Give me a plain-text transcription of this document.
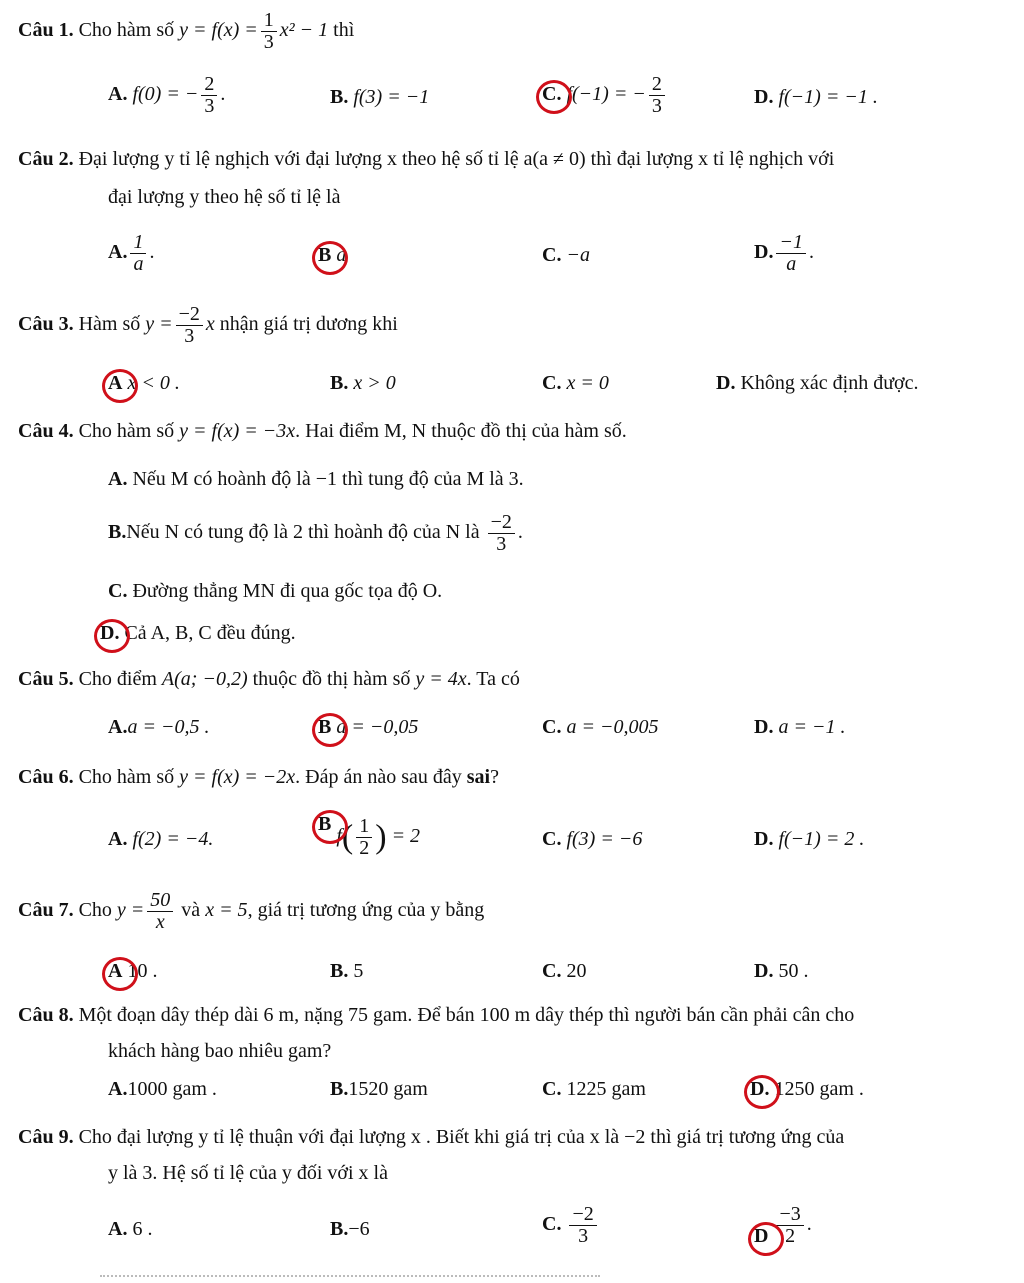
Câu 1. Cho hàm số $y = f(x) = \frac{1}{3} x^2 - 1$ thì
A. f(0) = − $\frac{2}{3}$ .	B. f(3) = −1	C. f(−1) = − $\frac{2}{3}$	D. f(−1) = −1 .
Câu 2. Đại lượng y tỉ lệ nghịch với đại lượng x theo hệ số tỉ lệ a(a ≠ 0) thì đại lượng x tỉ lệ nghịch với
đại lượng y theo hệ số tỉ lệ là
A. $\frac{1}{a}$ .	B a	C. −a	D. $\frac{-1}{a}$ .
Câu 3. Hàm số $y = \frac{-2}{3}$ x nhận giá trị dương khi
A x < 0 .	B. x > 0	C. x = 0	D. Không xác định được.
Câu 4. Cho hàm số y = f(x) = −3x. Hai điểm M, N thuộc đồ thị của hàm số.
A. Nếu M có hoành độ là −1 thì tung độ của M là 3.
B.Nếu N có tung độ là 2 thì hoành độ của N là $\frac{-2}{3}$ .
C. Đường thẳng MN đi qua gốc tọa độ O.
D. Cả A, B, C đều đúng.
Câu 5. Cho điểm A(a; −0,2) thuộc đồ thị hàm số y = 4x. Ta có
A.a = −0,5 .	B a = −0,05	C. a = −0,005	D. a = −1 .
Câu 6. Cho hàm số y = f(x) = −2x. Đáp án nào sau đây sai?
A. f(2) = −4.
B $f( \frac{1}{2}$ ) = 2	C. f(3) = −6	D. f(−1) = 2 .
Câu 7. Cho $y = \frac{50}{x}$ và x = 5, giá trị tương ứng của y bằng
A 10 .	B. 5	C. 20	D. 50 .
Câu 8. Một đoạn dây thép dài 6 m, nặng 75 gam. Để bán 100 m dây thép thì người bán cần phải cân cho
khách hàng bao nhiêu gam?
A.1000 gam .	B.1520 gam	C. 1225 gam	D. 1250 gam .
Câu 9. Cho đại lượng y tỉ lệ thuận với đại lượng x . Biết khi giá trị của x là −2 thì giá trị tương ứng của
y là 3. Hệ số tỉ lệ của y đối với x là
A. 6 .	B.−6	C. $\frac{-2}{3}$	D $\frac{-3}{2}$ .
